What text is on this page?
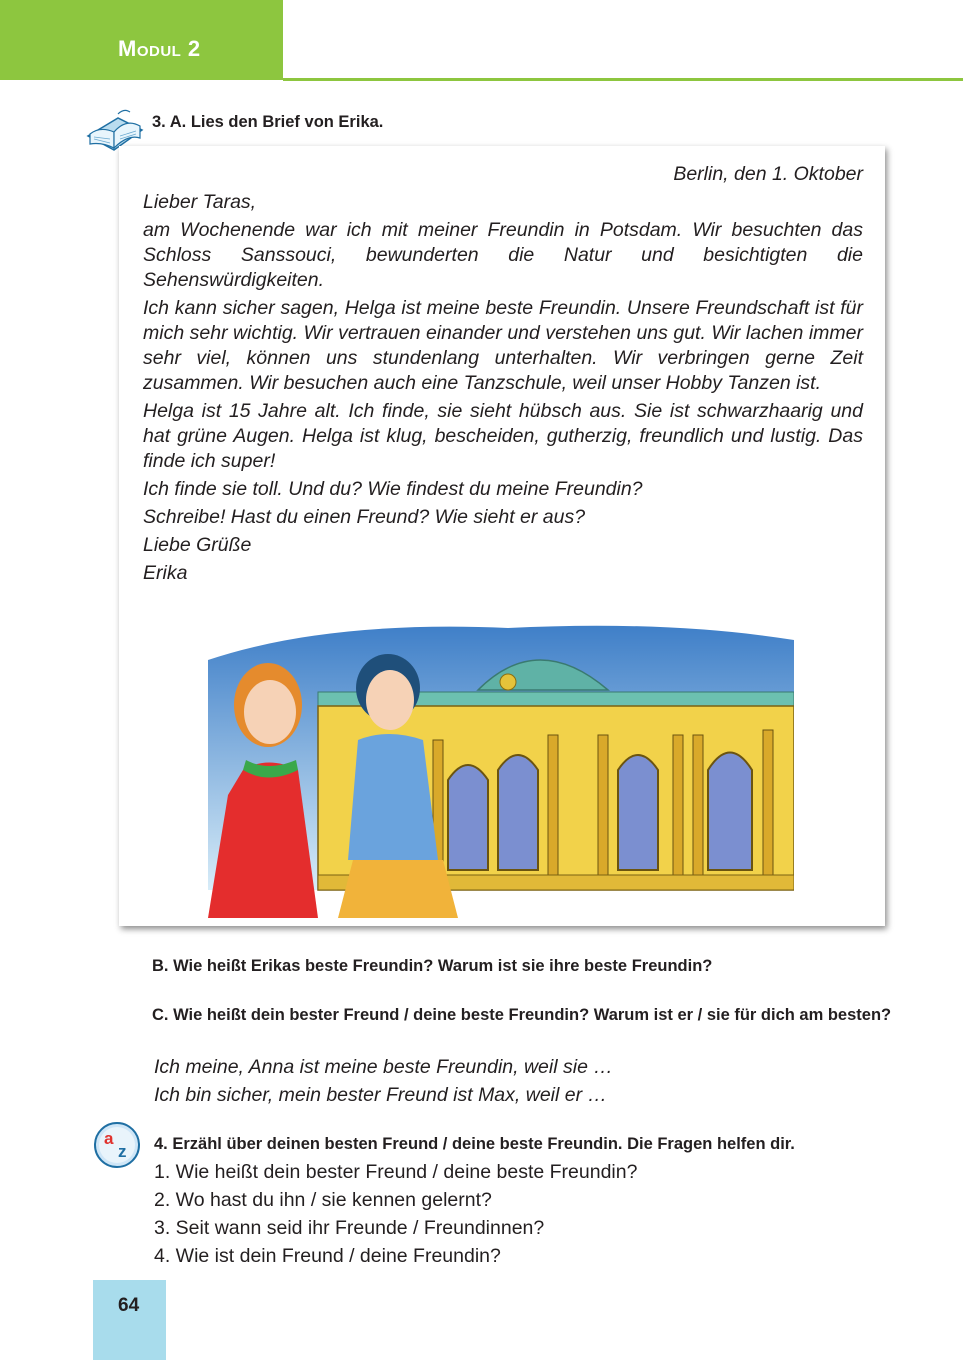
Modul 2
3. A. Lies den Brief von Erika.

Berlin, den 1. Oktober

Lieber Taras,

am Wochenende war ich mit meiner Freundin in Potsdam. Wir besuchten das Schloss Sanssouci, bewunderten die Natur und besichtigten die Sehenswürdigkeiten.

Ich kann sicher sagen, Helga ist meine beste Freundin. Unsere Freundschaft ist für mich sehr wichtig. Wir vertrauen einander und verstehen uns gut. Wir lachen immer sehr viel, können uns stundenlang unterhalten. Wir verbringen gerne Zeit zusammen. Wir besuchen auch eine Tanzschule, weil unser Hobby Tanzen ist.

Helga ist 15 Jahre alt. Ich finde, sie sieht hübsch aus. Sie ist schwarzhaarig und hat grüne Augen. Helga ist klug, bescheiden, gutherzig, freundlich und lustig. Das finde ich super!

Ich finde sie toll. Und du? Wie findest du meine Freundin?

Schreibe! Hast du einen Freund? Wie sieht er aus?

Liebe Grüße

Erika

B. Wie heißt Erikas beste Freundin? Warum ist sie ihre beste Freundin?
C. Wie heißt dein bester Freund / deine beste Freundin? Warum ist er / sie für dich am besten?
Ich meine, Anna ist meine beste Freundin, weil sie …
Ich bin sicher, mein bester Freund ist Max, weil er …
a
z 4. Erzähl über deinen besten Freund / deine beste Freundin. Die Fragen helfen dir.
1. Wie heißt dein bester Freund / deine beste Freundin?
2. Wo hast du ihn / sie kennen gelernt?
3. Seit wann seid ihr Freunde / Freundinnen?
4. Wie ist dein Freund / deine Freundin?
64
